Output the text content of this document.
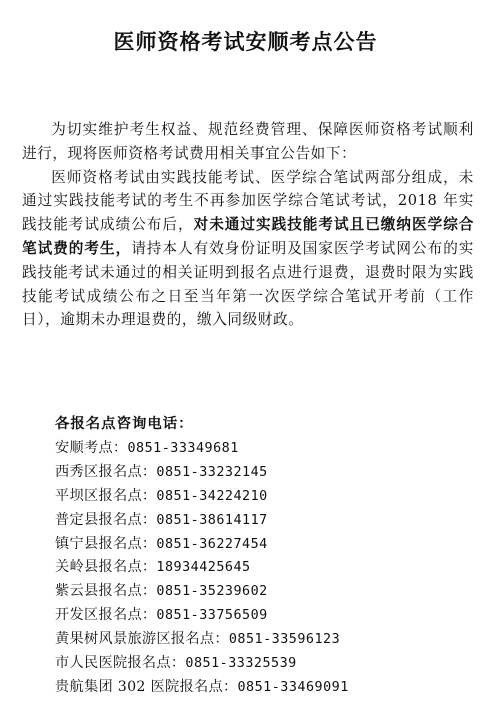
医师资格考试安顺考点公告

为切实维护考生权益、规范经费管理、保障医师资格考试顺利进行，现将医师资格考试费用相关事宜公告如下：

医师资格考试由实践技能考试、医学综合笔试两部分组成，未通过实践技能考试的考生不再参加医学综合笔试考试，2018 年实践技能考试成绩公布后，对未通过实践技能考试且已缴纳医学综合笔试费的考生，请持本人有效身份证明及国家医学考试网公布的实践技能考试未通过的相关证明到报名点进行退费，退费时限为实践技能考试成绩公布之日至当年第一次医学综合笔试开考前（工作日），逾期未办理退费的，缴入同级财政。

各报名点咨询电话：
安顺考点：0851-33349681
西秀区报名点：0851-33232145
平坝区报名点：0851-34224210
普定县报名点：0851-38614117
镇宁县报名点：0851-36227454
关岭县报名点：18934425645
紫云县报名点：0851-35239602
开发区报名点：0851-33756509
黄果树风景旅游区报名点：0851-33596123
市人民医院报名点：0851-33325539
贵航集团 302 医院报名点：0851-33469091
